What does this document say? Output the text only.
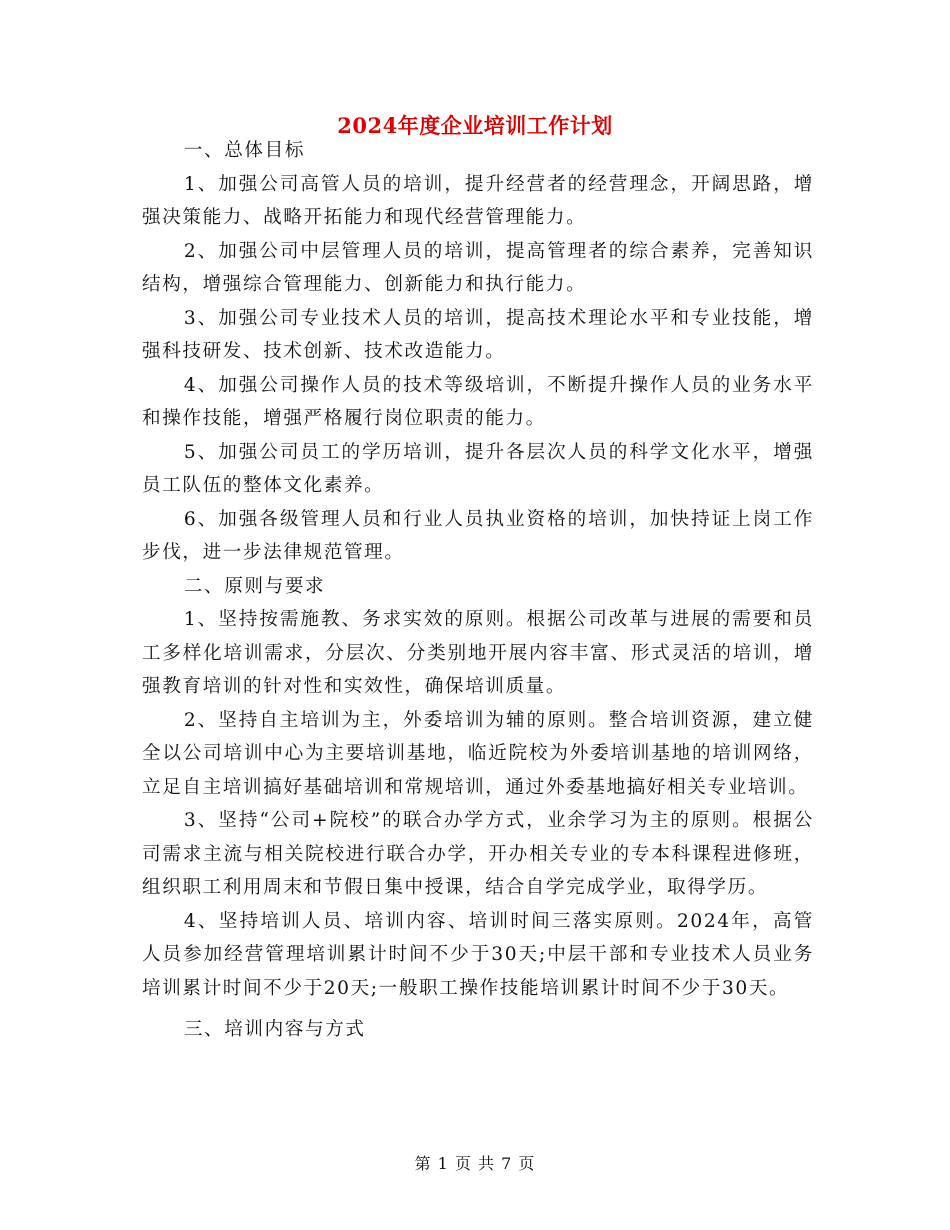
2024年度企业培训工作计划

一、总体目标

1、加强公司高管人员的培训，提升经营者的经营理念，开阔思路，增强决策能力、战略开拓能力和现代经营管理能力。

2、加强公司中层管理人员的培训，提高管理者的综合素养，完善知识结构，增强综合管理能力、创新能力和执行能力。

3、加强公司专业技术人员的培训，提高技术理论水平和专业技能，增强科技研发、技术创新、技术改造能力。

4、加强公司操作人员的技术等级培训，不断提升操作人员的业务水平和操作技能，增强严格履行岗位职责的能力。

5、加强公司员工的学历培训，提升各层次人员的科学文化水平，增强员工队伍的整体文化素养。

6、加强各级管理人员和行业人员执业资格的培训，加快持证上岗工作步伐，进一步法律规范管理。

二、原则与要求

1、坚持按需施教、务求实效的原则。根据公司改革与进展的需要和员工多样化培训需求，分层次、分类别地开展内容丰富、形式灵活的培训，增强教育培训的针对性和实效性，确保培训质量。

2、坚持自主培训为主，外委培训为辅的原则。整合培训资源，建立健全以公司培训中心为主要培训基地，临近院校为外委培训基地的培训网络，立足自主培训搞好基础培训和常规培训，通过外委基地搞好相关专业培训。

3、坚持“公司+院校”的联合办学方式，业余学习为主的原则。根据公司需求主流与相关院校进行联合办学，开办相关专业的专本科课程进修班，组织职工利用周末和节假日集中授课，结合自学完成学业，取得学历。

4、坚持培训人员、培训内容、培训时间三落实原则。2024年，高管人员参加经营管理培训累计时间不少于30天;中层干部和专业技术人员业务培训累计时间不少于20天;一般职工操作技能培训累计时间不少于30天。

三、培训内容与方式

第 1 页 共 7 页
